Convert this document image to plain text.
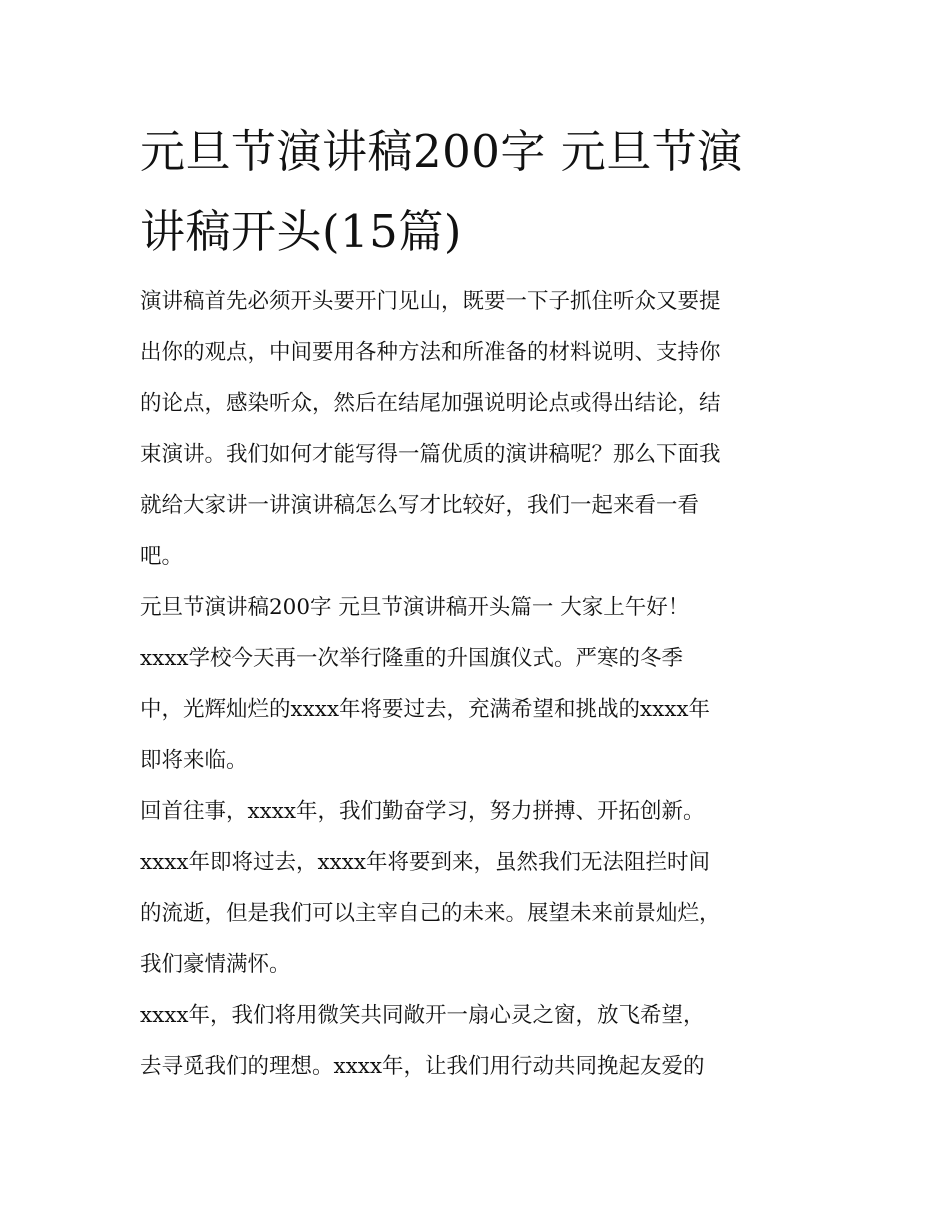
元旦节演讲稿200字 元旦节演
讲稿开头(15篇)
演讲稿首先必须开头要开门见山，既要一下子抓住听众又要提
出你的观点，中间要用各种方法和所准备的材料说明、支持你
的论点，感染听众，然后在结尾加强说明论点或得出结论，结
束演讲。我们如何才能写得一篇优质的演讲稿呢？那么下面我
就给大家讲一讲演讲稿怎么写才比较好，我们一起来看一看
吧。
元旦节演讲稿200字 元旦节演讲稿开头篇一 大家上午好！
xxxx学校今天再一次举行隆重的升国旗仪式。严寒的冬季
中，光辉灿烂的xxxx年将要过去，充满希望和挑战的xxxx年
即将来临。
回首往事，xxxx年，我们勤奋学习，努力拼搏、开拓创新。
xxxx年即将过去，xxxx年将要到来，虽然我们无法阻拦时间
的流逝，但是我们可以主宰自己的未来。展望未来前景灿烂，
我们豪情满怀。
xxxx年，我们将用微笑共同敞开一扇心灵之窗，放飞希望，
去寻觅我们的理想。xxxx年，让我们用行动共同挽起友爱的
